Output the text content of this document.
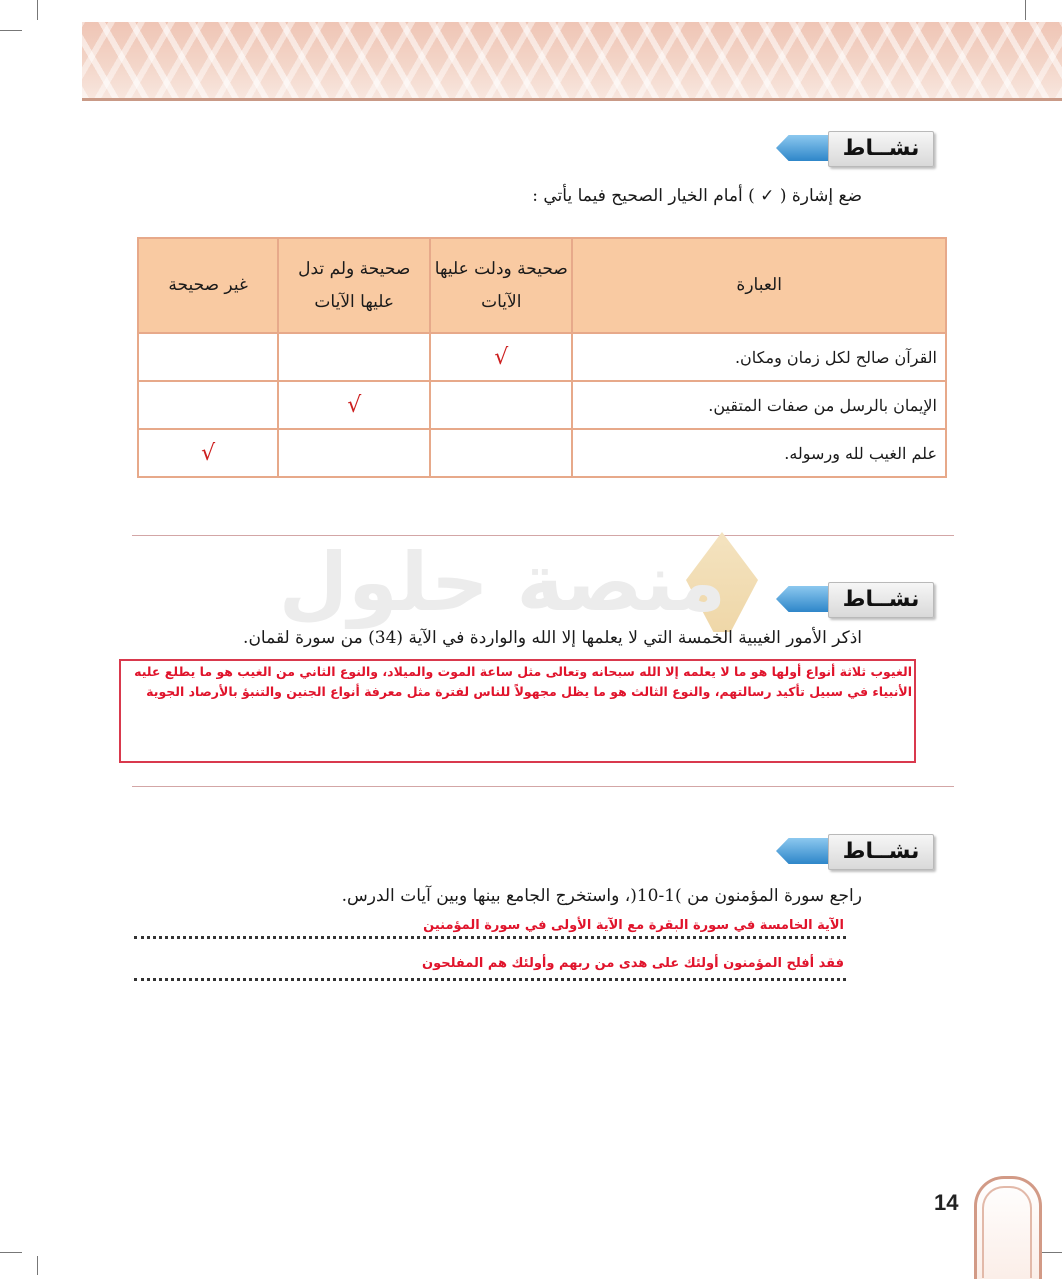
نشــاط
ضع إشارة ( ✓ ) أمام الخيار الصحيح فيما يأتي :
العبارة	صحيحة ودلت عليها الآيات	صحيحة ولم تدل عليها الآيات	غير صحيحة
القرآن صالح لكل زمان ومكان.	√		
الإيمان بالرسل من صفات المتقين.		√	
علم الغيب لله ورسوله.			√
منصة حلول	نشــاط
اذكر الأمور الغيبية الخمسة التي لا يعلمها إلا الله والواردة في الآية (34) من سورة لقمان.
الغيوب ثلاثة أنواع أولها هو ما لا يعلمه إلا الله سبحانه وتعالى مثل ساعة الموت والميلاد، والنوع الثاني من الغيب هو ما يطلع عليه الأنبياء في سبيل تأكيد رسالتهم، والنوع الثالث هو ما يظل مجهولاً للناس لفترة مثل معرفة أنواع الجنين والتنبؤ بالأرصاد الجوية
نشــاط
راجع سورة المؤمنون من )1-10(، واستخرج الجامع بينها وبين آيات الدرس.
الآية الخامسة في سورة البقرة مع الآية الأولى في سورة المؤمنين
فقد أفلح المؤمنون أولئك على هدى من ربهم وأولئك هم المفلحون
14
